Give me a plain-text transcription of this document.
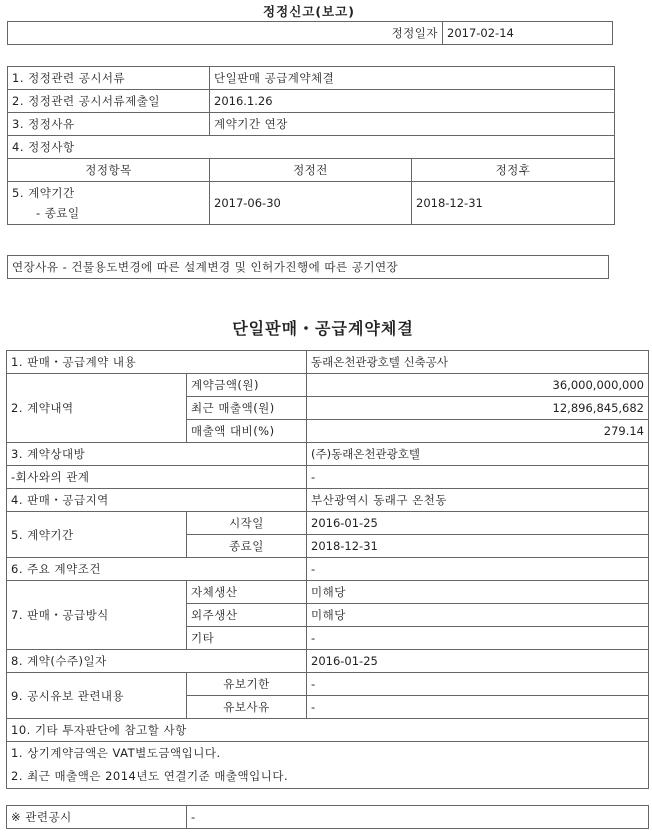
정정신고(보고)
정정일자	2017-02-14
1. 정정관련 공시서류	단일판매 공급계약체결	
2. 정정관련 공시서류제출일	2016.1.26	
3. 정정사유	계약기간 연장	
4. 정정사항		
정정항목	정정전	정정후

5. 계약기간
- 종료일	2017-06-30	2018-12-31
연장사유 - 건물용도변경에 따른 설계변경 및 인허가진행에 따른 공기연장
단일판매・공급계약체결
1. 판매・공급계약 내용		동래온천관광호텔 신축공사
2. 계약내역	계약금액(원)	36,000,000,000
	최근 매출액(원)	12,896,845,682
	매출액 대비(%)	279.14
3. 계약상대방		(주)동래온천관광호텔
-회사와의 관계		-
4. 판매・공급지역		부산광역시 동래구 온천동
5. 계약기간	시작일	2016-01-25
	종료일	2018-12-31
6. 주요 계약조건		-
7. 판매・공급방식	자체생산	미해당
	외주생산	미해당
	기타	-
8. 계약(수주)일자		2016-01-25
9. 공시유보 관련내용	유보기한	-
	유보사유	-
10. 기타 투자판단에 참고할 사항		

1. 상기계약금액은 VAT별도금액입니다.
2. 최근 매출액은 2014년도 연결기준 매출액입니다.		
※ 관련공시	-
